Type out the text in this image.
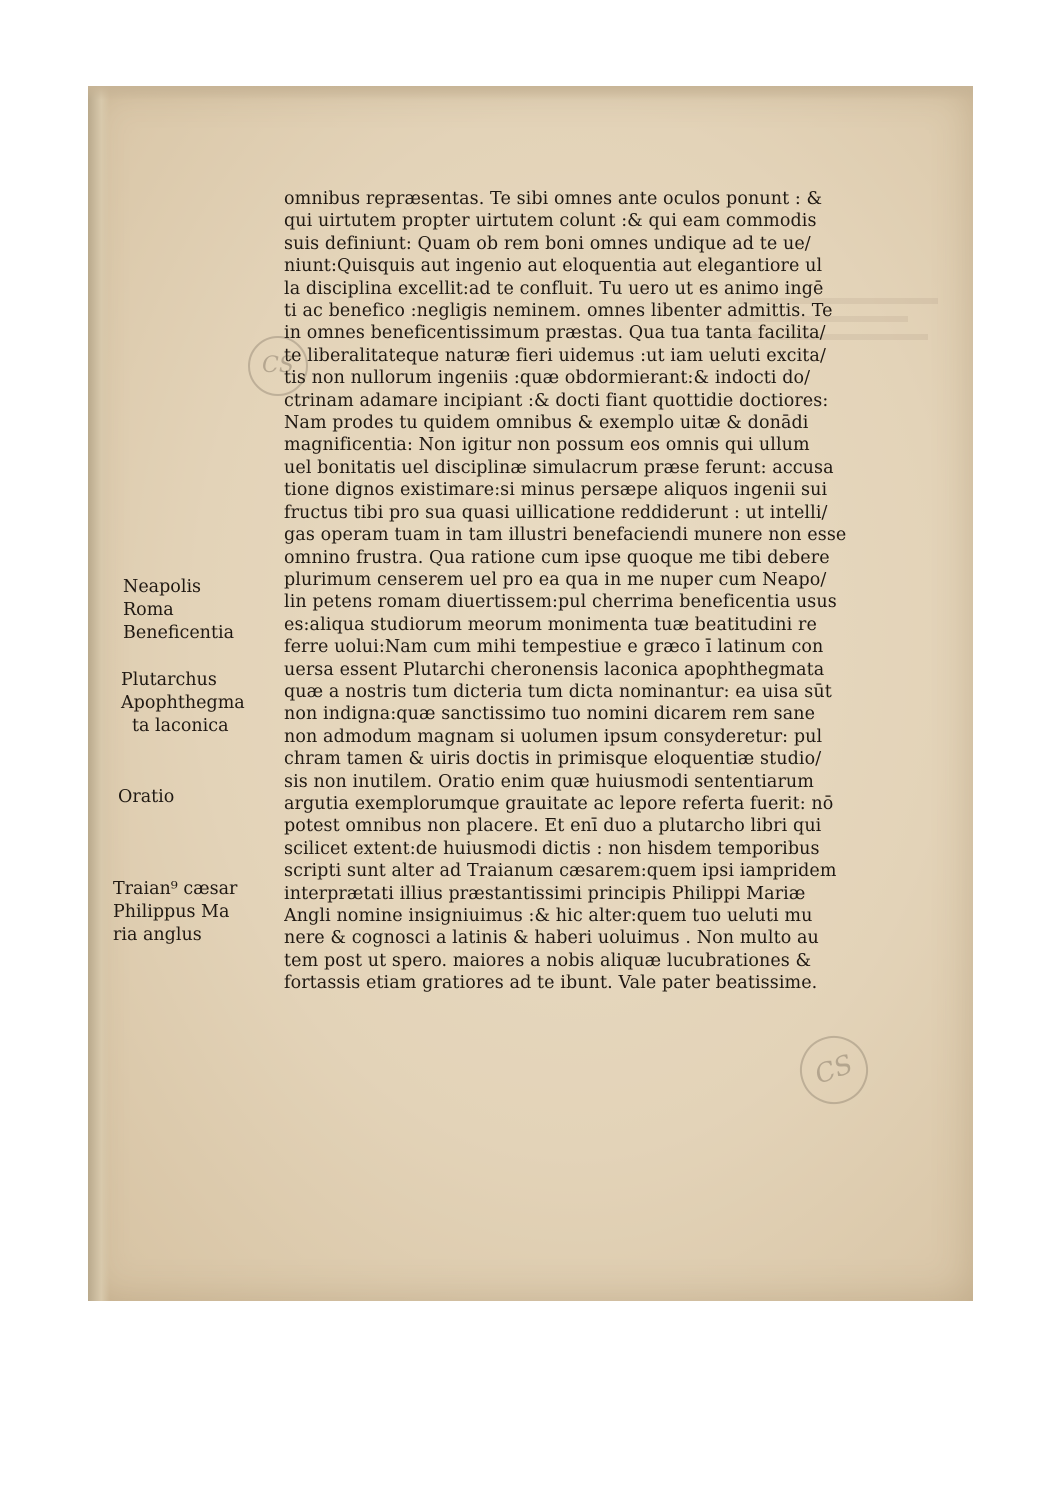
omnibus repræsentas. Te sibi omnes ante oculos ponunt : &
qui uirtutem propter uirtutem colunt :& qui eam commodis
suis definiunt: Quam ob rem boni omnes undique ad te ue/
niunt:Quisquis aut ingenio aut eloquentia aut elegantiore ul
la disciplina excellit:ad te confluit. Tu uero ut es animo ingē
ti ac benefico :negligis neminem. omnes libenter admittis. Te
in omnes beneficentissimum præstas. Qua tua tanta facilita/
te liberalitateque naturæ fieri uidemus :ut iam ueluti excita/
tis non nullorum ingeniis :quæ obdormierant:& indocti do/
ctrinam adamare incipiant :& docti fiant quottidie doctiores:
Nam prodes tu quidem omnibus & exemplo uitæ & donādi
magnificentia: Non igitur non possum eos omnis qui ullum
uel bonitatis uel disciplinæ simulacrum præse ferunt: accusa
tione dignos existimare:si minus persæpe aliquos ingenii sui
fructus tibi pro sua quasi uillicatione reddiderunt : ut intelli/
gas operam tuam in tam illustri benefaciendi munere non esse
omnino frustra. Qua ratione cum ipse quoque me tibi debere
plurimum censerem uel pro ea qua in me nuper cum Neapo/
lin petens romam diuertissem:pul cherrima beneficentia usus
es:aliqua studiorum meorum monimenta tuæ beatitudini re
ferre uolui:Nam cum mihi tempestiue e græco ī latinum con
uersa essent Plutarchi cheronensis laconica apophthegmata
quæ a nostris tum dicteria tum dicta nominantur: ea uisa sūt
non indigna:quæ sanctissimo tuo nomini dicarem rem sane
non admodum magnam si uolumen ipsum consyderetur: pul
chram tamen & uiris doctis in primisque eloquentiæ studio/
sis non inutilem. Oratio enim quæ huiusmodi sententiarum
argutia exemplorumque grauitate ac lepore referta fuerit: nō
potest omnibus non placere. Et enī duo a plutarcho libri qui
scilicet extent:de huiusmodi dictis : non hisdem temporibus
scripti sunt alter ad Traianum cæsarem:quem ipsi iampridem
interprætati illius præstantissimi principis Philippi Mariæ
Angli nomine insigniuimus :& hic alter:quem tuo ueluti mu
nere & cognosci a latinis & haberi uoluimus . Non multo au
tem post ut spero. maiores a nobis aliquæ lucubrationes &
fortassis etiam gratiores ad te ibunt. Vale pater beatissime.
Neapolis
Roma
Beneficentia
Plutarchus
Apophthegma
ta laconica
Oratio
Traian⁹ cæsar
Philippus Ma
ria anglus
CS
CS
